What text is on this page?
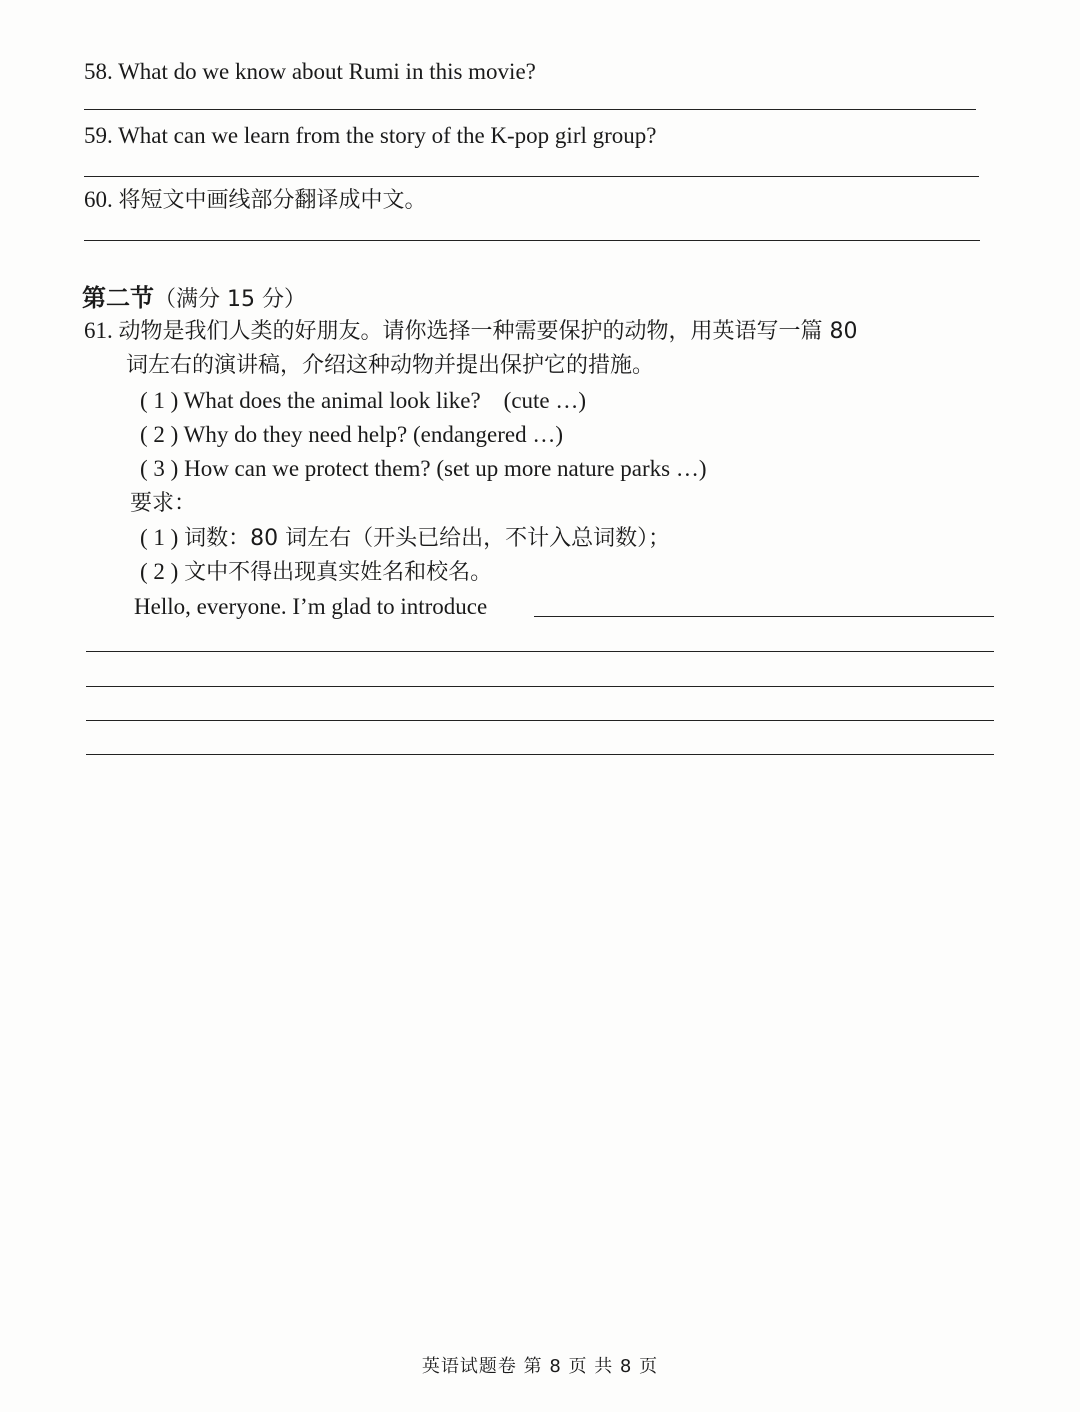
58. What do we know about Rumi in this movie?
59. What can we learn from the story of the K-pop girl group?
60. 将短文中画线部分翻译成中文。
第二节（满分 15 分）
61. 动物是我们人类的好朋友。请你选择一种需要保护的动物，用英语写一篇 80
词左右的演讲稿，介绍这种动物并提出保护它的措施。
( 1 ) What does the animal look like?    (cute …)
( 2 ) Why do they need help? (endangered …)
( 3 ) How can we protect them? (set up more nature parks …)
要求：
( 1 ) 词数：80 词左右（开头已给出，不计入总词数）；
( 2 ) 文中不得出现真实姓名和校名。
Hello, everyone. I’m glad to introduce
英语试题卷 第 8 页 共 8 页
